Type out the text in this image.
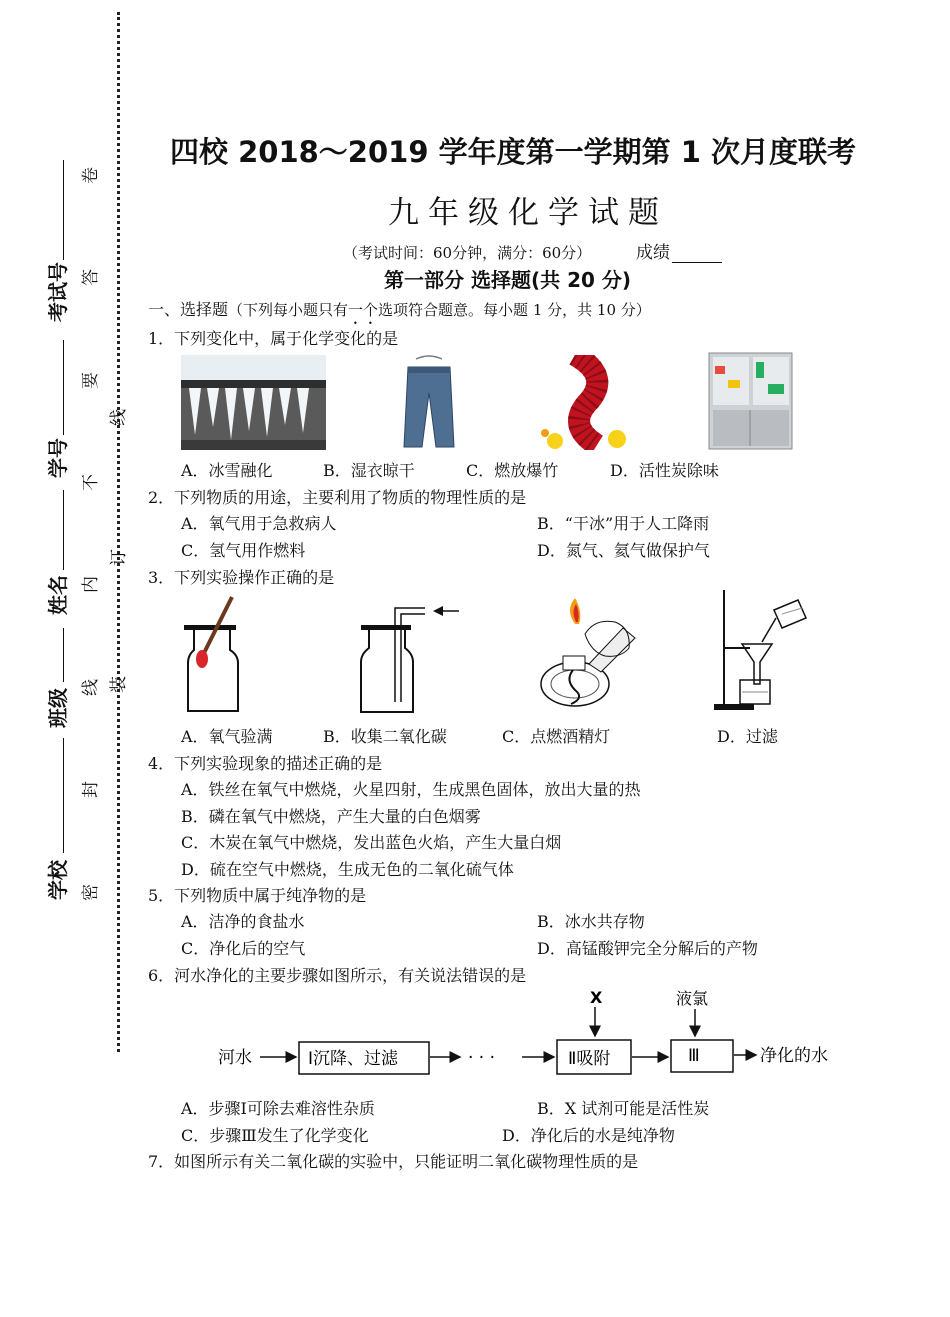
考试号
学号
姓名
班级
学校
卷
答
要
不
内
线
封
密
线
订
装
四校 2018～2019 学年度第一学期第 1 次月度联考
九年级化学试题
（考试时间：60分钟，满分：60分）	成绩
第一部分 选择题(共 20 分)
一、选择题（下列每小题只有一个选项符合题意。每小题 1 分，共 10 分）
1．下列变化中，属于化学变化的是
A．冰雪融化	B．湿衣晾干	C．燃放爆竹	D．活性炭除味
2．下列物质的用途，主要利用了物质的物理性质的是
A．氧气用于急救病人	B．“干冰”用于人工降雨
C．氢气用作燃料	D．氮气、氦气做保护气
3．下列实验操作正确的是
A．氧气验满	B．收集二氧化碳	C．点燃酒精灯	D．过滤
4．下列实验现象的描述正确的是
A．铁丝在氧气中燃烧，火星四射，生成黑色固体，放出大量的热
B．磷在氧气中燃烧，产生大量的白色烟雾
C．木炭在氧气中燃烧，发出蓝色火焰，产生大量白烟
D．硫在空气中燃烧，生成无色的二氧化硫气体
5．下列物质中属于纯净物的是
A．洁净的食盐水	B．冰水共存物
C．净化后的空气	D．高锰酸钾完全分解后的产物
6．河水净化的主要步骤如图所示，有关说法错误的是
河水	Ⅰ沉降、过滤	· · ·	Ⅱ吸附
X
Ⅲ
液氯
净化的水
A．步骤Ⅰ可除去难溶性杂质	B．X 试剂可能是活性炭
C．步骤Ⅲ发生了化学变化	D．净化后的水是纯净物
7．如图所示有关二氧化碳的实验中，只能证明二氧化碳物理性质的是
